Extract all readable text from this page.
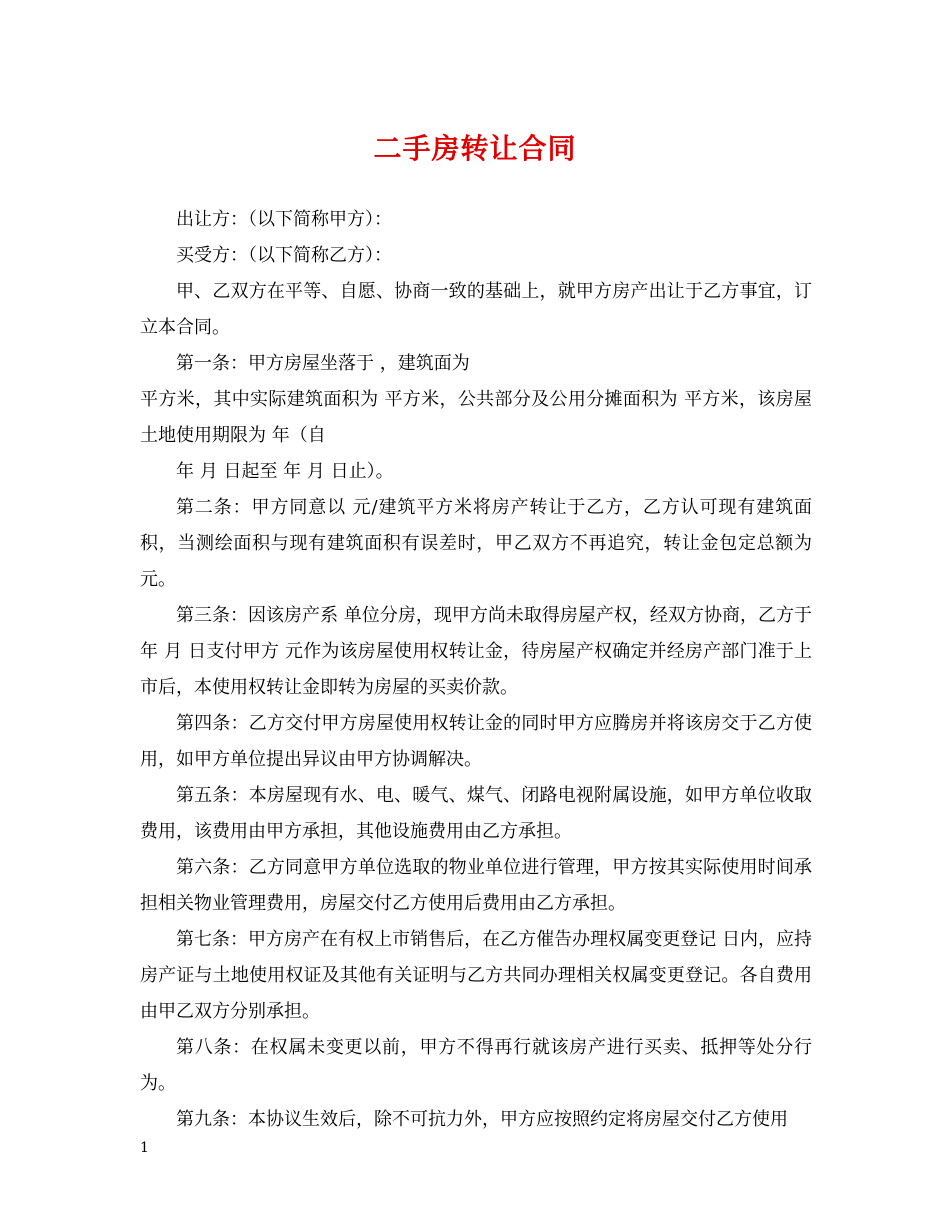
二手房转让合同

出让方：（以下简称甲方）：

买受方：（以下简称乙方）：

甲、乙双方在平等、自愿、协商一致的基础上，就甲方房产出让于乙方事宜，订立本合同。

第一条：甲方房屋坐落于 ，建筑面为

平方米，其中实际建筑面积为 平方米，公共部分及公用分摊面积为 平方米，该房屋土地使用期限为 年（自

年 月 日起至 年 月 日止）。

第二条：甲方同意以 元/建筑平方米将房产转让于乙方，乙方认可现有建筑面积，当测绘面积与现有建筑面积有误差时，甲乙双方不再追究，转让金包定总额为 元。

第三条：因该房产系 单位分房，现甲方尚未取得房屋产权，经双方协商，乙方于 年 月 日支付甲方 元作为该房屋使用权转让金，待房屋产权确定并经房产部门准于上市后，本使用权转让金即转为房屋的买卖价款。

第四条：乙方交付甲方房屋使用权转让金的同时甲方应腾房并将该房交于乙方使用，如甲方单位提出异议由甲方协调解决。

第五条：本房屋现有水、电、暖气、煤气、闭路电视附属设施，如甲方单位收取费用，该费用由甲方承担，其他设施费用由乙方承担。

第六条：乙方同意甲方单位选取的物业单位进行管理，甲方按其实际使用时间承担相关物业管理费用，房屋交付乙方使用后费用由乙方承担。

第七条：甲方房产在有权上市销售后，在乙方催告办理权属变更登记 日内，应持房产证与土地使用权证及其他有关证明与乙方共同办理相关权属变更登记。各自费用由甲乙双方分别承担。

第八条：在权属未变更以前，甲方不得再行就该房产进行买卖、抵押等处分行为。

第九条：本协议生效后，除不可抗力外，甲方应按照约定将房屋交付乙方使用

1
